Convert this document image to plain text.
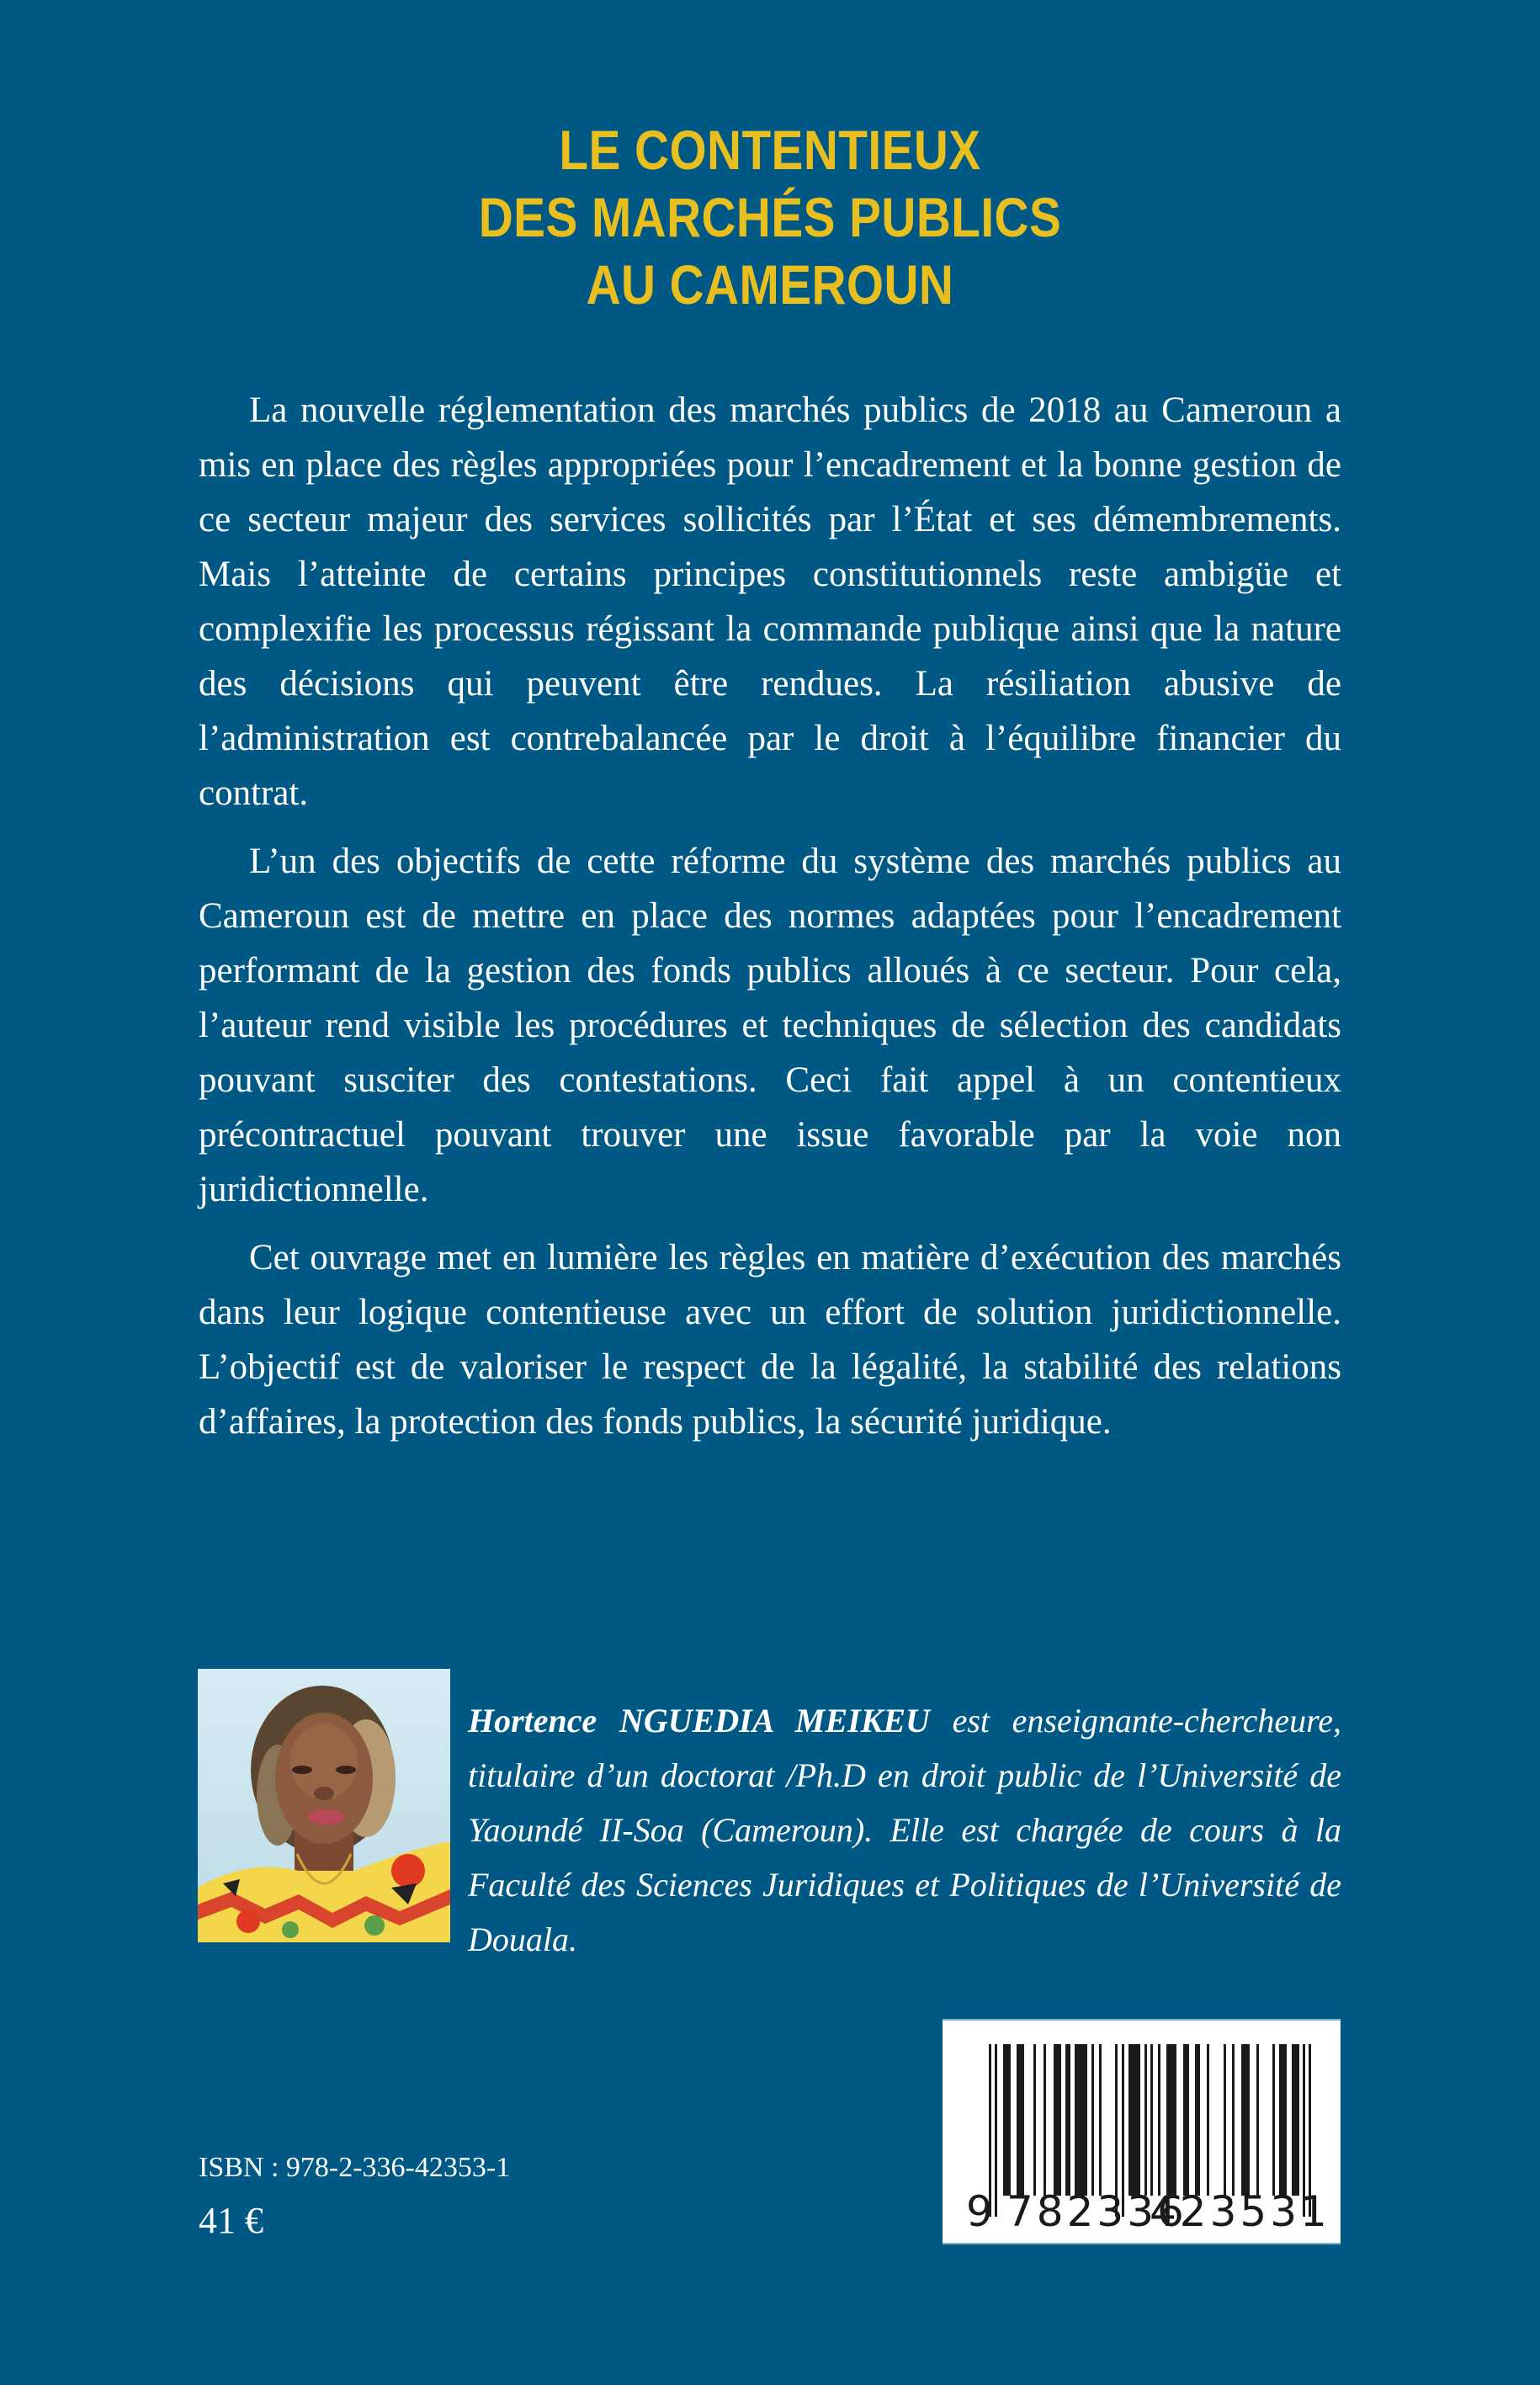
LE CONTENTIEUX
DES MARCHÉS PUBLICS
AU CAMEROUN

La nouvelle réglementation des marchés publics de 2018 au Cameroun a mis en place des règles appropriées pour l’encadrement et la bonne gestion de ce secteur majeur des services sollicités par l’État et ses démembrements. Mais l’atteinte de certains principes constitutionnels reste ambigüe et complexifie les processus régissant la commande publique ainsi que la nature des décisions qui peuvent être rendues. La résiliation abusive de l’administration est contrebalancée par le droit à l’équilibre financier du contrat.

L’un des objectifs de cette réforme du système des marchés publics au Cameroun est de mettre en place des normes adaptées pour l’encadrement performant de la gestion des fonds publics alloués à ce secteur. Pour cela, l’auteur rend visible les procédures et techniques de sélection des candidats pouvant susciter des contestations. Ceci fait appel à un contentieux précontractuel pouvant trouver une issue favorable par la voie non juridictionnelle.

Cet ouvrage met en lumière les règles en matière d’exécution des marchés dans leur logique contentieuse avec un effort de solution juridictionnelle. L’objectif est de valoriser le respect de la légalité, la stabilité des relations d’affaires, la protection des fonds publics, la sécurité juridique.

Hortence NGUEDIA MEIKEU est enseignante-chercheure, titulaire d’un doctorat /Ph.D en droit public de l’Université de Yaoundé II-Soa (Cameroun). Elle est chargée de cours à la Faculté des Sciences Juridiques et Politiques de l’Université de Douala.
ISBN : 978-2-336-42353-1
41 €	9 782336
423531
